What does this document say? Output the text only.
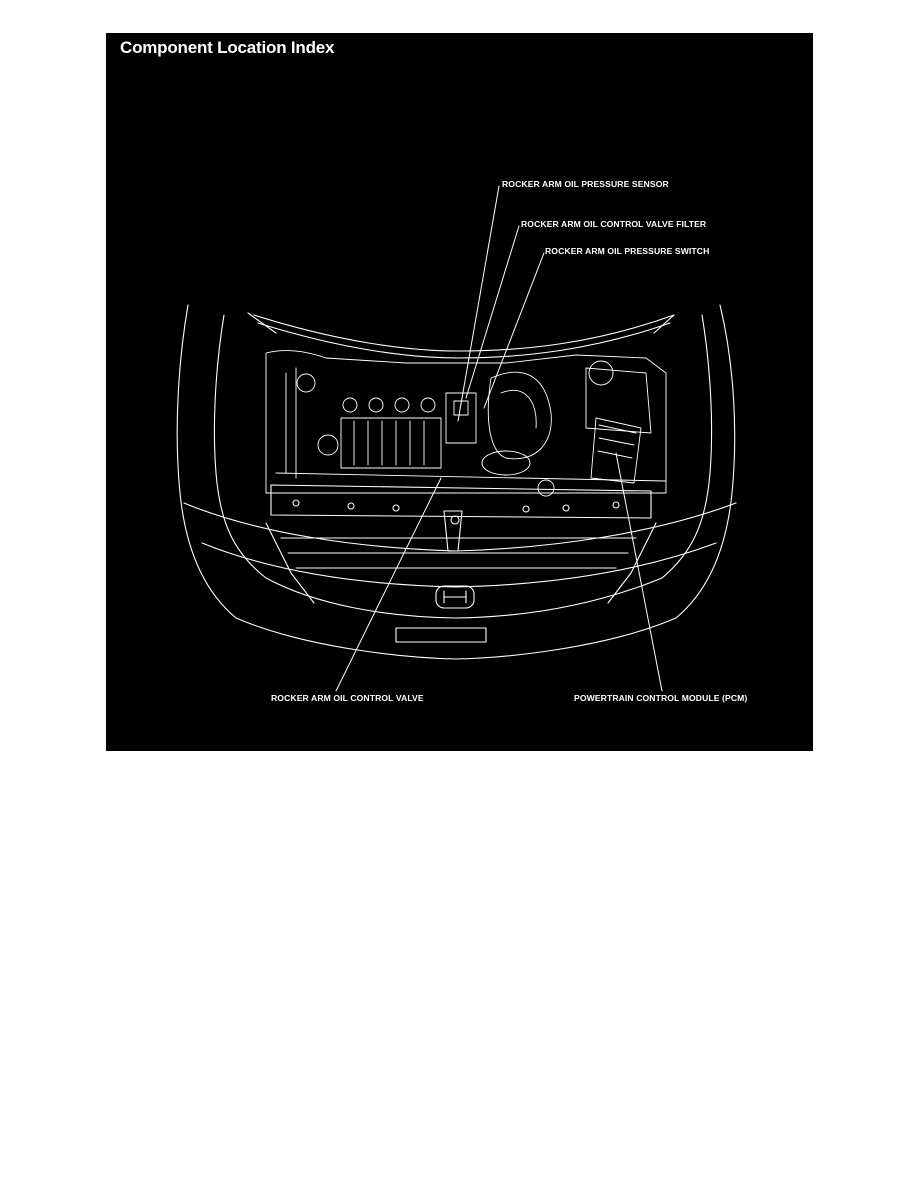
Component Location Index
ROCKER ARM OIL PRESSURE SENSOR
ROCKER ARM OIL CONTROL VALVE FILTER
ROCKER ARM OIL PRESSURE SWITCH
ROCKER ARM OIL CONTROL VALVE	POWERTRAIN CONTROL MODULE (PCM)
